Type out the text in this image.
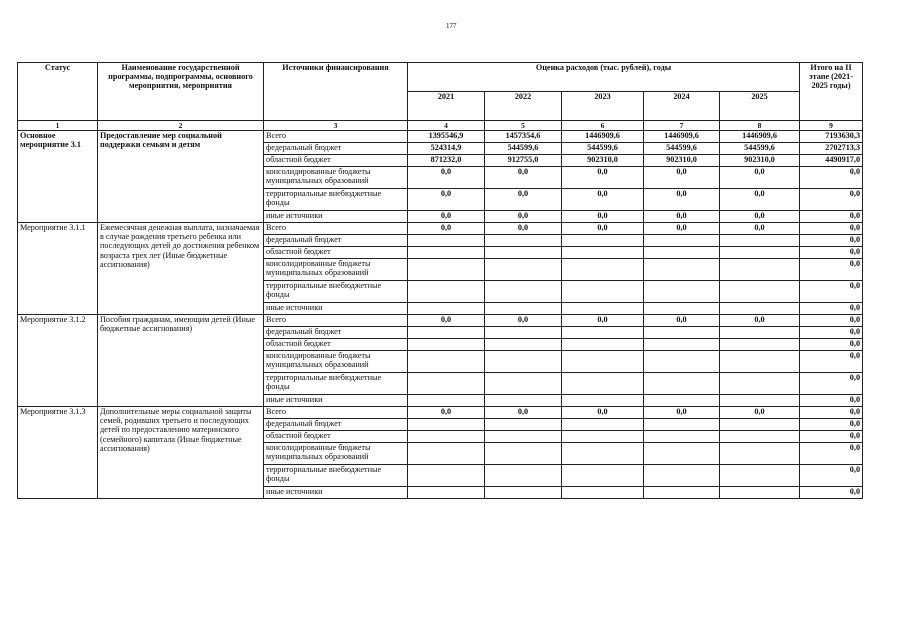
177
Статус	Наименование государственной программы, подпрограммы, основного мероприятия, мероприятия	Источники финансирования	Оценка расходов (тыс. рублей), годы					Итого на II этапе (2021-2025 годы)
			2021	2022	2023	2024	2025	
1	2	3	4	5	6	7	8	9
Основное мероприятие 3.1	Предоставление мер социальной поддержки семьям и детям	Всего	1395546,9	1457354,6	1446909,6	1446909,6	1446909,6	7193630,3
		федеральный бюджет	524314,9	544599,6	544599,6	544599,6	544599,6	2702713,3
		областной бюджет	871232,0	912755,0	902310,0	902310,0	902310,0	4490917,0
		консолидированные бюджеты муниципальных образований	0,0	0,0	0,0	0,0	0,0	0,0
		территориальные внебюджетные фонды	0,0	0,0	0,0	0,0	0,0	0,0
		иные источники	0,0	0,0	0,0	0,0	0,0	0,0
Мероприятие 3.1.1	Ежемесячная денежная выплата, назначаемая в случае рождения третьего ребенка или последующих детей до достижения ребенком возраста трех лет (Иные бюджетные ассигнования)	Всего	0,0	0,0	0,0	0,0	0,0	0,0
		федеральный бюджет						0,0
		областной бюджет						0,0
		консолидированные бюджеты муниципальных образований						0,0
		территориальные внебюджетные фонды						0,0
		иные источники						0,0
Мероприятие 3.1.2	Пособия гражданам, имеющим детей (Иные бюджетные ассигнования)	Всего	0,0	0,0	0,0	0,0	0,0	0,0
		федеральный бюджет						0,0
		областной бюджет						0,0
		консолидированные бюджеты муниципальных образований						0,0
		территориальные внебюджетные фонды						0,0
		иные источники						0,0
Мероприятие 3.1.3	Дополнительные меры социальной защиты семей, родивших третьего и последующих детей по предоставлению материнского (семейного) капитала (Иные бюджетные ассигнования)	Всего	0,0	0,0	0,0	0,0	0,0	0,0
		федеральный бюджет						0,0
		областной бюджет						0,0
		консолидированные бюджеты муниципальных образований						0,0
		территориальные внебюджетные фонды						0,0
		иные источники						0,0
